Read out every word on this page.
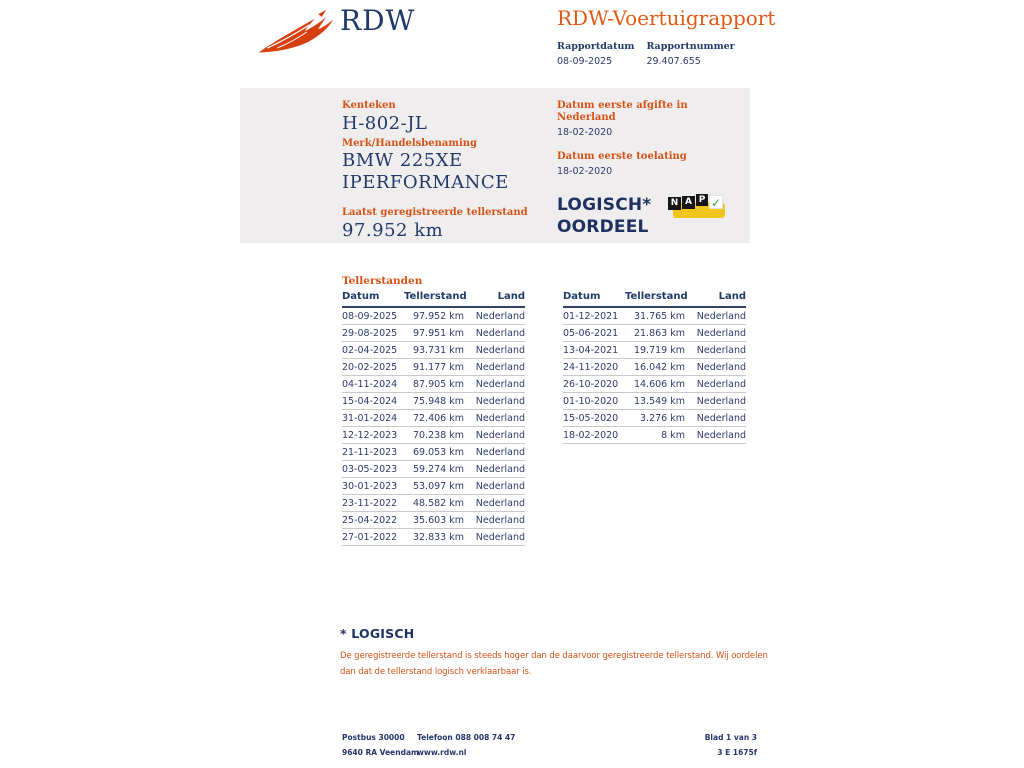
RDW	RDW-Voertuigrapport
Rapportdatum
08-09-2025
Rapportnummer
29.407.655
Kenteken
H-802-JL
Merk/Handelsbenaming
BMW 225XE IPERFORMANCE
Laatst geregistreerde tellerstand
97.952 km
Datum eerste afgifte in Nederland
18-02-2020
Datum eerste toelating
18-02-2020
LOGISCH*
OORDEEL
N A P ✓
Tellerstanden
Datum	Tellerstand	Land
08-09-2025	97.952 km	Nederland
29-08-2025	97.951 km	Nederland
02-04-2025	93.731 km	Nederland
20-02-2025	91.177 km	Nederland
04-11-2024	87.905 km	Nederland
15-04-2024	75.948 km	Nederland
31-01-2024	72.406 km	Nederland
12-12-2023	70.238 km	Nederland
21-11-2023	69.053 km	Nederland
03-05-2023	59.274 km	Nederland
30-01-2023	53.097 km	Nederland
23-11-2022	48.582 km	Nederland
25-04-2022	35.603 km	Nederland
27-01-2022	32.833 km	Nederland
Datum	Tellerstand	Land
01-12-2021	31.765 km	Nederland
05-06-2021	21.863 km	Nederland
13-04-2021	19.719 km	Nederland
24-11-2020	16.042 km	Nederland
26-10-2020	14.606 km	Nederland
01-10-2020	13.549 km	Nederland
15-05-2020	3.276 km	Nederland
18-02-2020	8 km	Nederland
* LOGISCH
De geregistreerde tellerstand is steeds hoger dan de daarvoor geregistreerde tellerstand. Wij oordelen dan dat de tellerstand logisch verklaarbaar is.
Postbus 30000
9640 RA Veendam
Telefoon 088 008 74 47
www.rdw.nl
Blad 1 van 3
3 E 1675f
